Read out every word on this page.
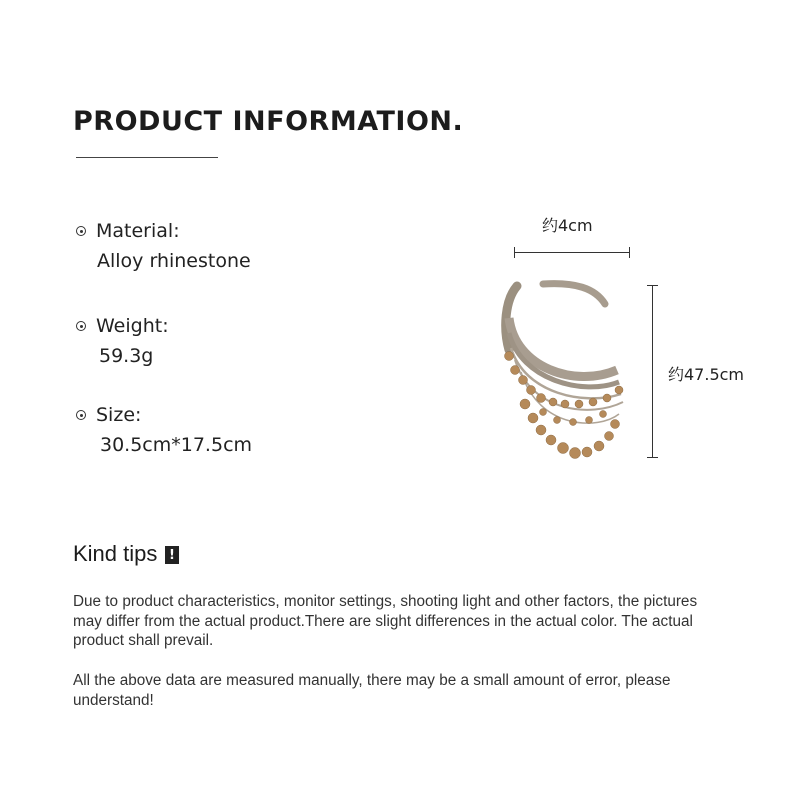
PRODUCT INFORMATION.
Material:
Alloy rhinestone
Weight:
59.3g
Size:
30.5cm*17.5cm
约4cm
约47.5cm
Kind tips
!

Due to product characteristics, monitor settings, shooting light and other factors, the pictures may differ from the actual product.There are slight differences in the actual color. The actual product shall prevail.

All the above data are measured manually, there may be a small amount of error, please understand!
